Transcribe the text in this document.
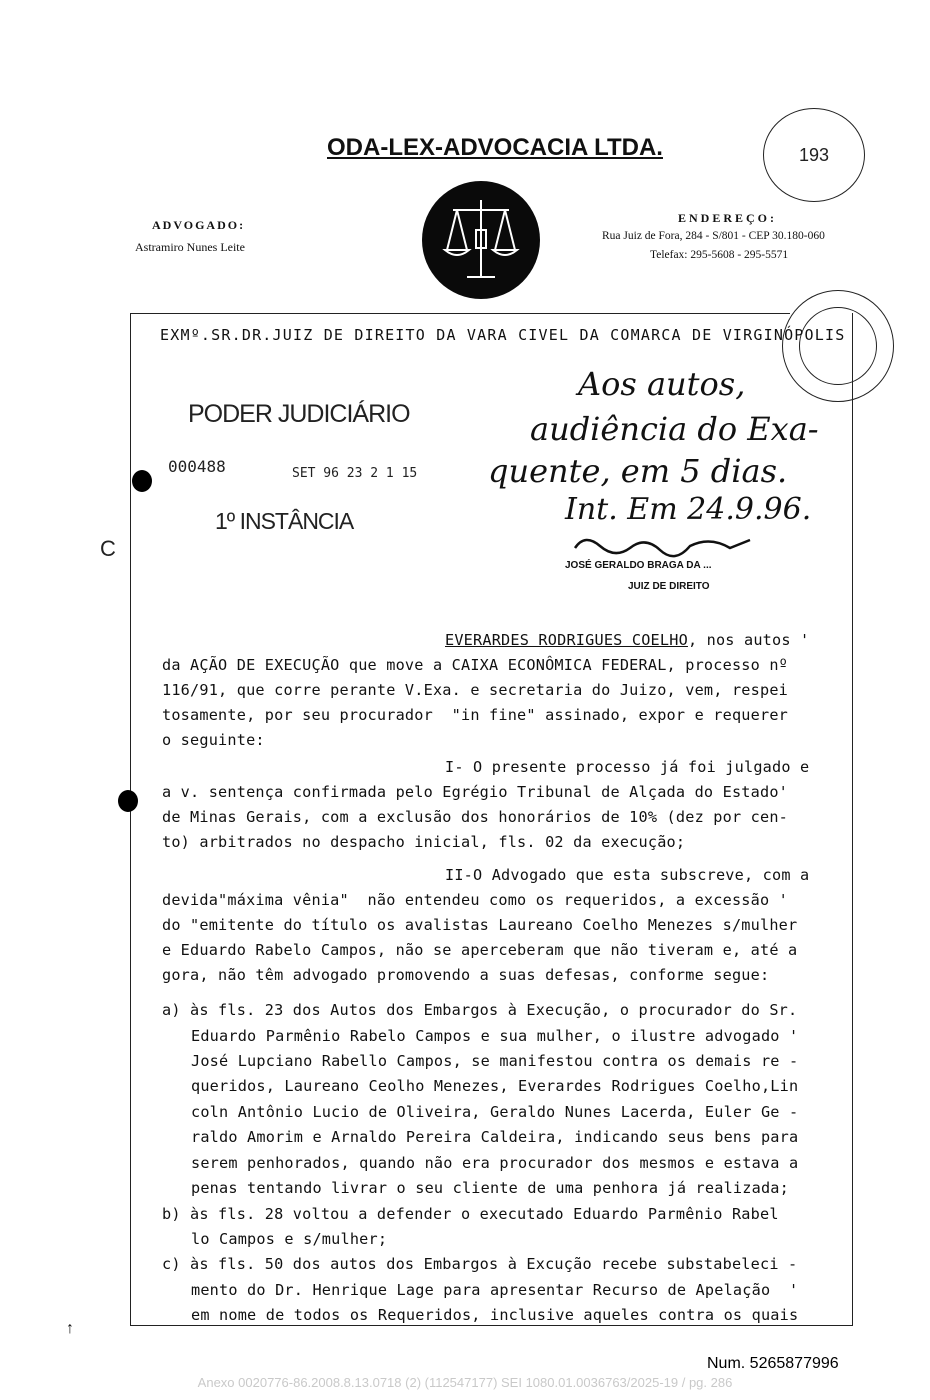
ODA-LEX-ADVOCACIA LTDA.
ADVOGADO:
Astramiro Nunes Leite
ENDEREÇO:
Rua Juiz de Fora, 284 - S/801 - CEP 30.180-060
Telefax: 295-5608 - 295-5571
193
EXMº.SR.DR.JUIZ DE DIREITO DA VARA CIVEL DA COMARCA DE VIRGINÓPOLIS
PODER JUDICIÁRIO
000488	SET 96 23 2 1 15
1º INSTÂNCIA
Aos autos,
audiência do Exa-
quente, em 5 dias.
Int. Em 24.9.96.
JOSÉ GERALDO BRAGA DA ...
JUIZ DE DIREITO
C
EVERARDES RODRIGUES COELHO, nos autos '
da AÇÃO DE EXECUÇÃO que move a CAIXA ECONÔMICA FEDERAL, processo nº
116/91, que corre perante V.Exa. e secretaria do Juizo, vem, respei
tosamente, por seu procurador  "in fine" assinado, expor e requerer
o seguinte:
I- O presente processo já foi julgado e
a v. sentença confirmada pelo Egrégio Tribunal de Alçada do Estado'
de Minas Gerais, com a exclusão dos honorários de 10% (dez por cen-
to) arbitrados no despacho inicial, fls. 02 da execução;
II-O Advogado que esta subscreve, com a
devida"máxima vênia"  não entendeu como os requeridos, a excessão '
do "emitente do título os avalistas Laureano Coelho Menezes s/mulher
e Eduardo Rabelo Campos, não se aperceberam que não tiveram e, até a
gora, não têm advogado promovendo a suas defesas, conforme segue:
a) às fls. 23 dos Autos dos Embargos à Execução, o procurador do Sr.
Eduardo Parmênio Rabelo Campos e sua mulher, o ilustre advogado '
José Lupciano Rabello Campos, se manifestou contra os demais re -
queridos, Laureano Ceolho Menezes, Everardes Rodrigues Coelho,Lin
coln Antônio Lucio de Oliveira, Geraldo Nunes Lacerda, Euler Ge -
raldo Amorim e Arnaldo Pereira Caldeira, indicando seus bens para
serem penhorados, quando não era procurador dos mesmos e estava a
penas tentando livrar o seu cliente de uma penhora já realizada;
b) às fls. 28 voltou a defender o executado Eduardo Parmênio Rabel
lo Campos e s/mulher;
c) às fls. 50 dos autos dos Embargos à Excução recebe substabeleci -
mento do Dr. Henrique Lage para apresentar Recurso de Apelação  '
em nome de todos os Requeridos, inclusive aqueles contra os quais
↑
Num. 5265877996
Anexo 0020776-86.2008.8.13.0718 (2) (112547177) SEI 1080.01.0036763/2025-19 / pg. 286
